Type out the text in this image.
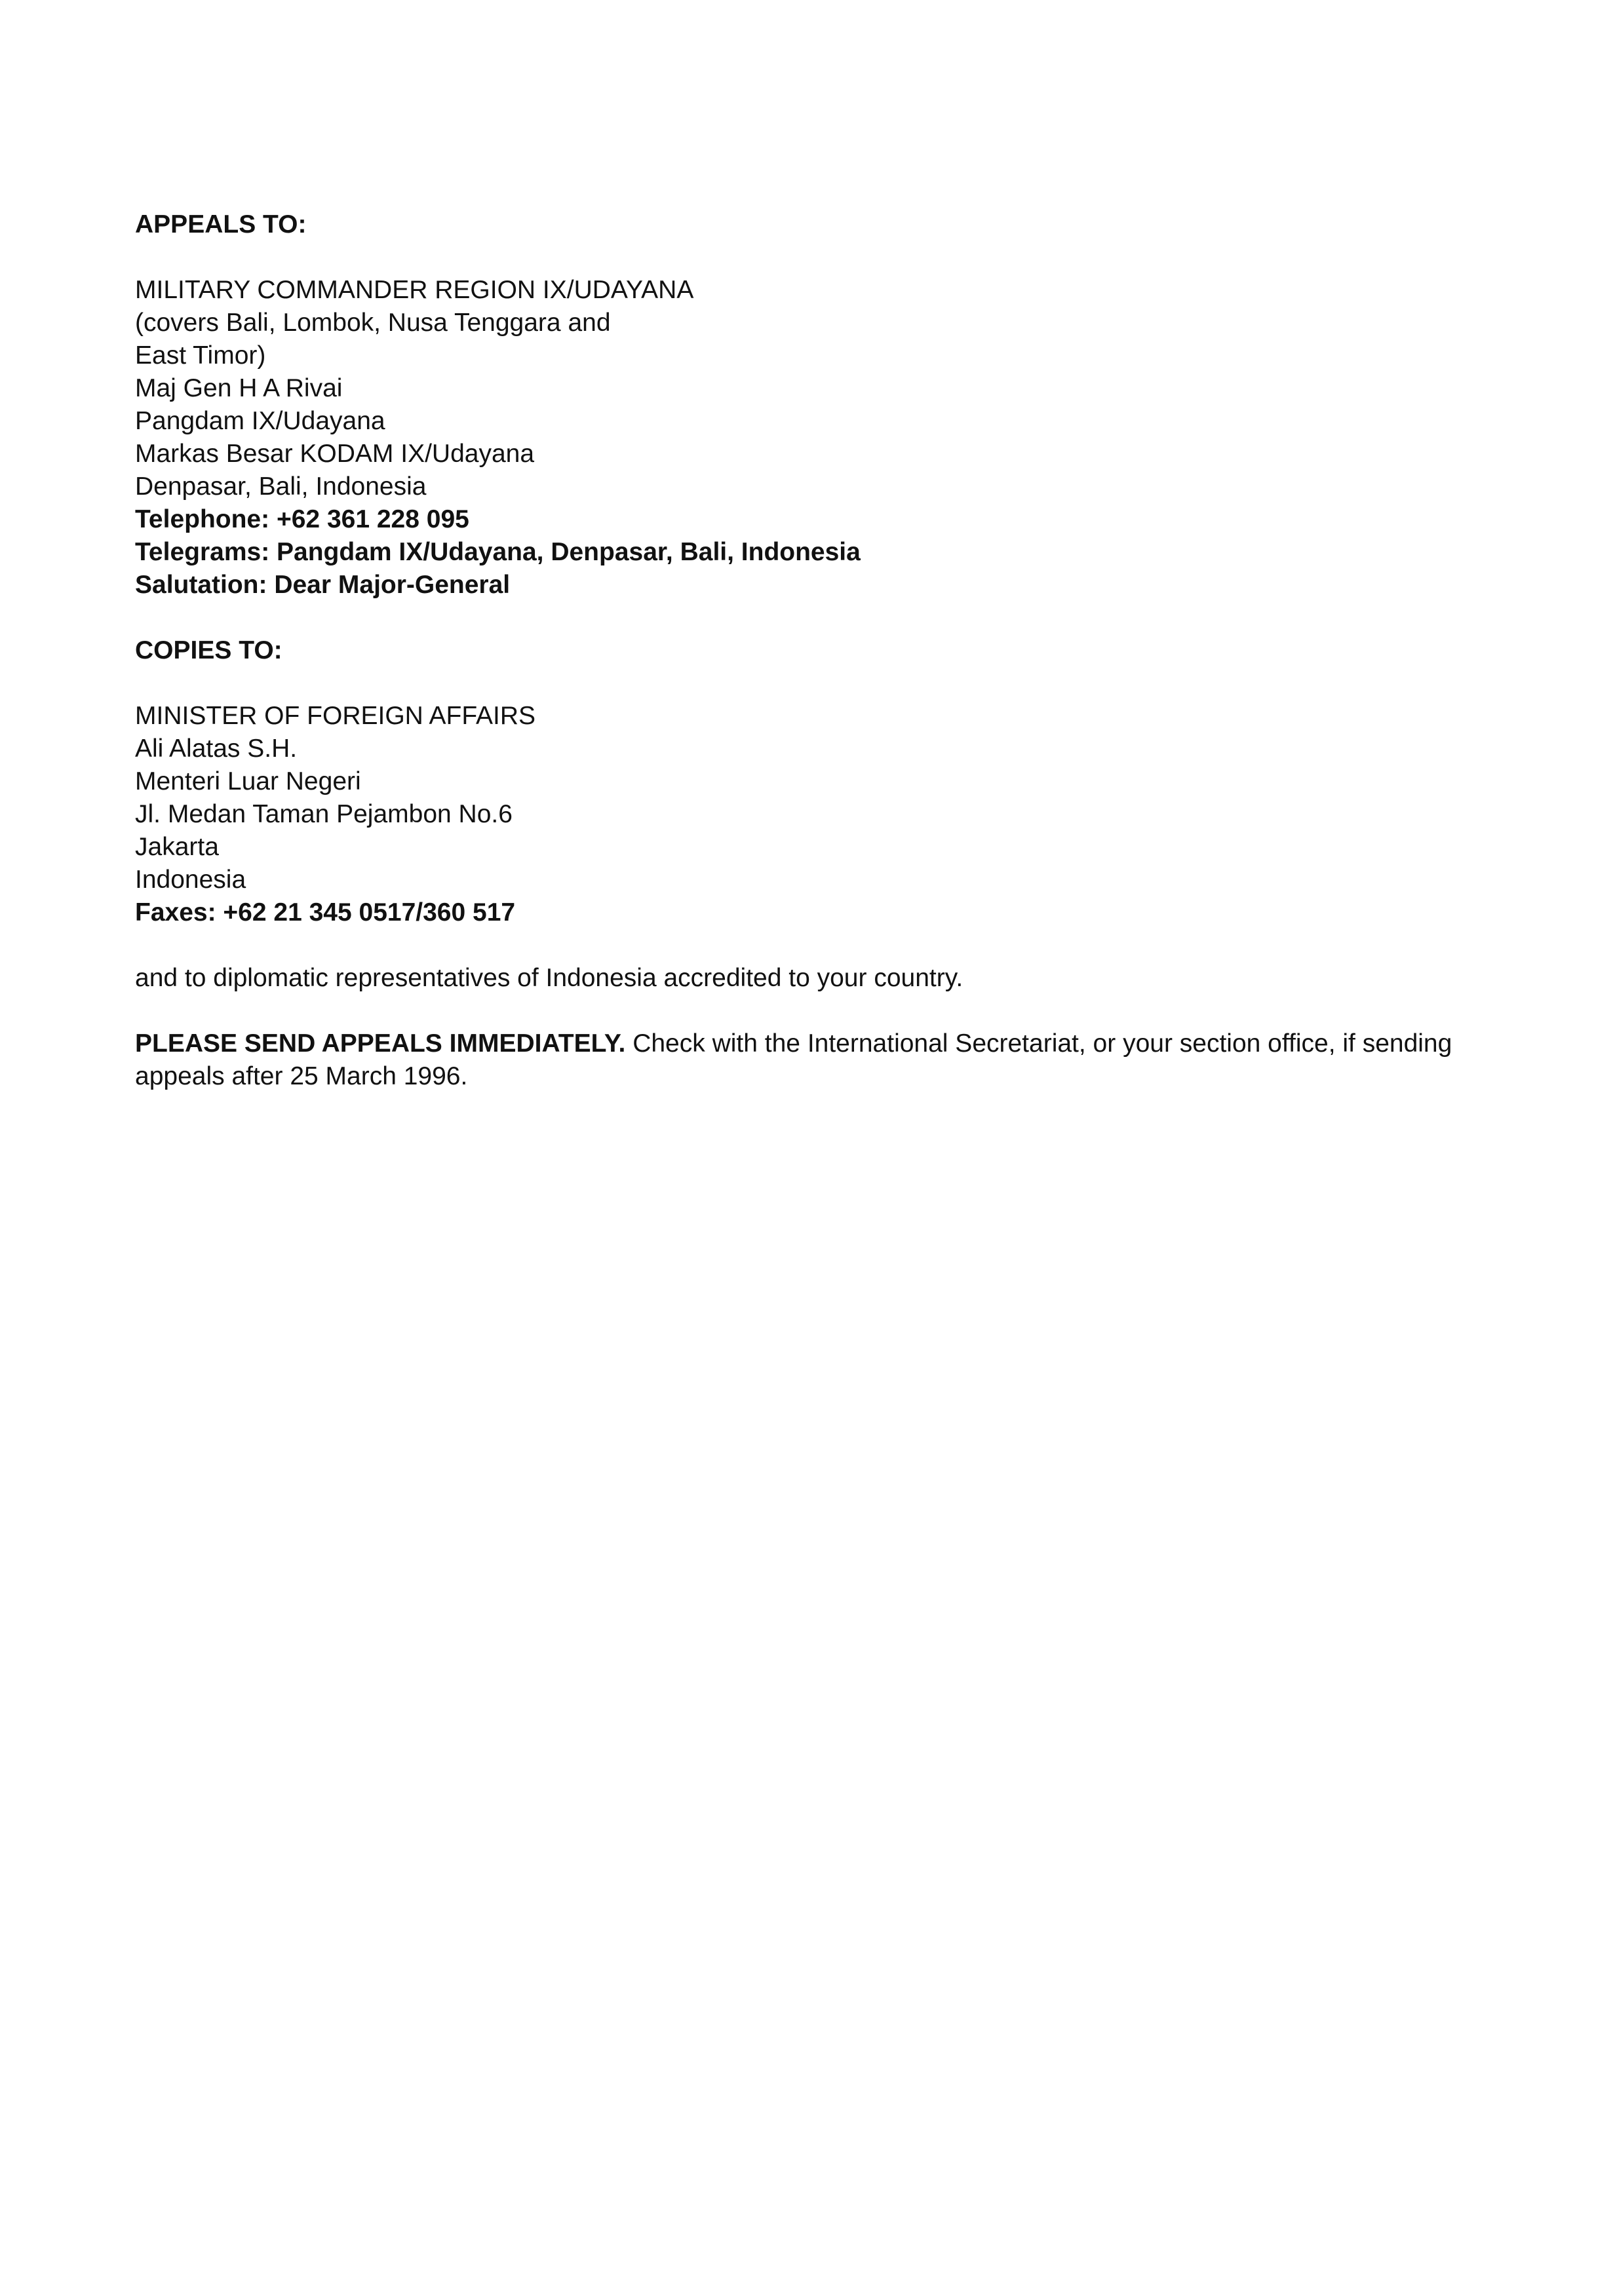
APPEALS TO:
MILITARY COMMANDER REGION IX/UDAYANA
(covers Bali, Lombok, Nusa Tenggara and
East Timor)
Maj Gen H A Rivai
Pangdam IX/Udayana
Markas Besar KODAM IX/Udayana
Denpasar, Bali, Indonesia
Telephone: +62 361 228 095
Telegrams: Pangdam IX/Udayana, Denpasar, Bali, Indonesia
Salutation: Dear Major-General
COPIES TO:
MINISTER OF FOREIGN AFFAIRS
Ali Alatas S.H.
Menteri Luar Negeri
Jl. Medan Taman Pejambon No.6
Jakarta
Indonesia
Faxes: +62 21 345 0517/360 517
and to diplomatic representatives of Indonesia accredited to your country.
PLEASE SEND APPEALS IMMEDIATELY. Check with the International Secretariat, or your section office, if sending appeals after 25 March 1996.
